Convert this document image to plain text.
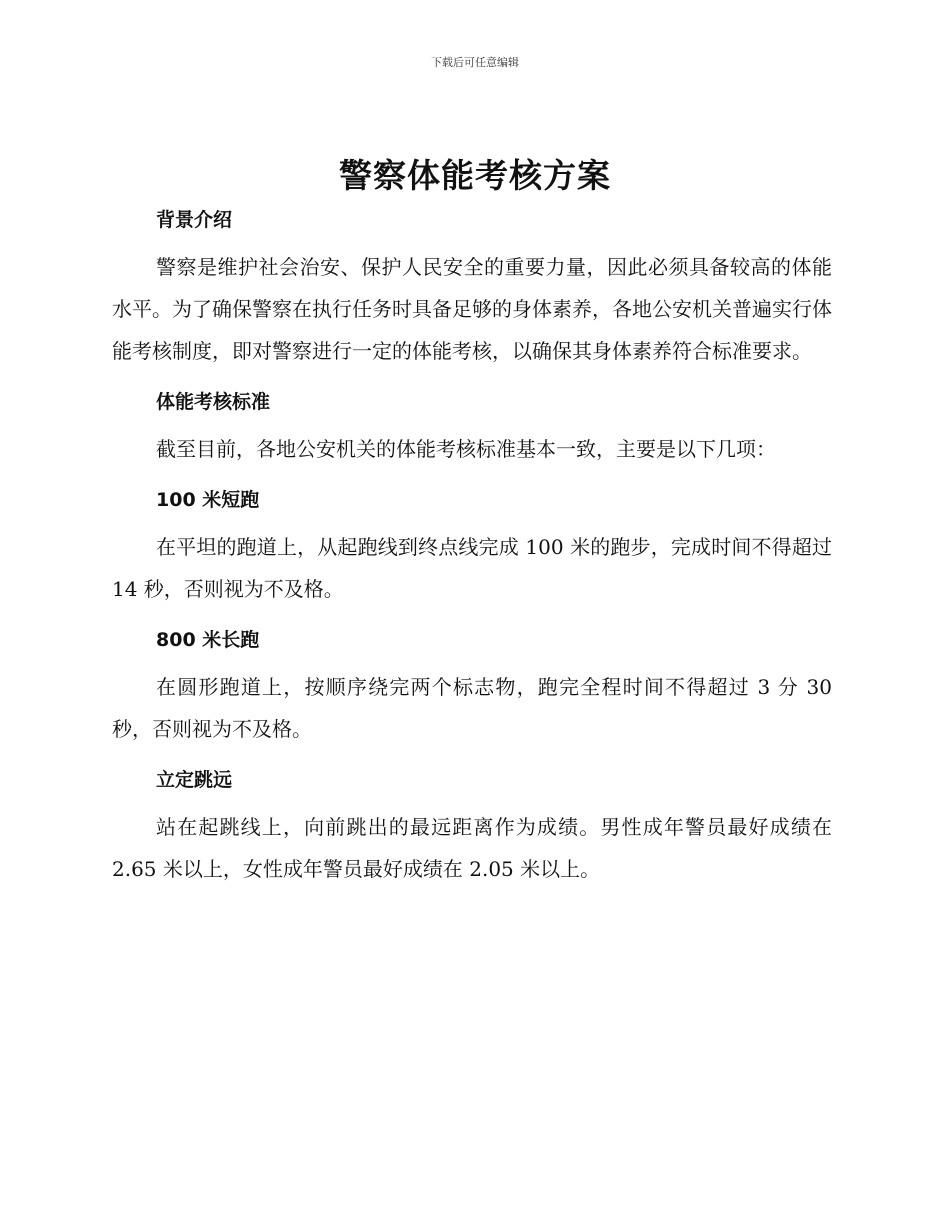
下载后可任意编辑
警察体能考核方案
背景介绍

警察是维护社会治安、保护人民安全的重要力量，因此必须具备较高的体能水平。为了确保警察在执行任务时具备足够的身体素养，各地公安机关普遍实行体能考核制度，即对警察进行一定的体能考核，以确保其身体素养符合标准要求。

体能考核标准

截至目前，各地公安机关的体能考核标准基本一致，主要是以下几项：

100 米短跑

在平坦的跑道上，从起跑线到终点线完成 100 米的跑步，完成时间不得超过 14 秒，否则视为不及格。

800 米长跑

在圆形跑道上，按顺序绕完两个标志物，跑完全程时间不得超过 3 分 30 秒，否则视为不及格。

立定跳远

站在起跳线上，向前跳出的最远距离作为成绩。男性成年警员最好成绩在 2.65 米以上，女性成年警员最好成绩在 2.05 米以上。
